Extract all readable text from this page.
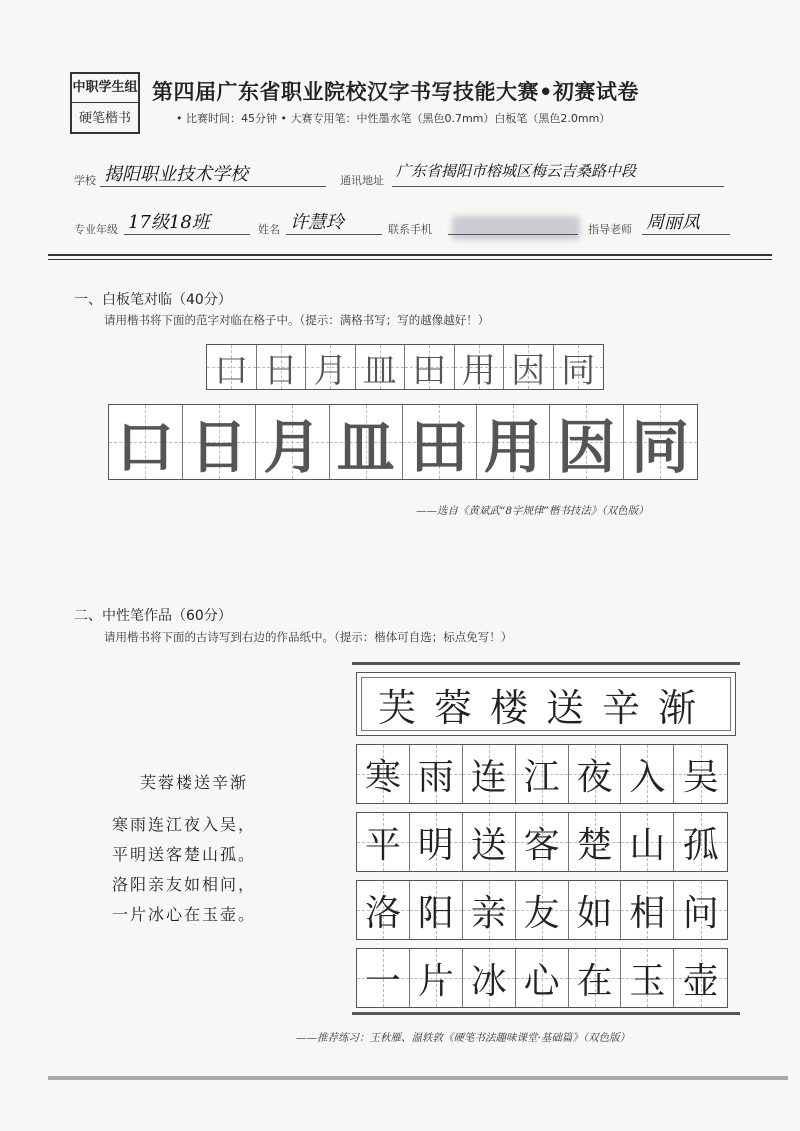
中职学生组
硬笔楷书
第四届广东省职业院校汉字书写技能大赛•初赛试卷
• 比赛时间：45分钟 • 大赛专用笔：中性墨水笔（黑色0.7mm）白板笔（黑色2.0mm）
学校 揭阳职业技术学校	通讯地址
广东省揭阳市榕城区梅云吉桑路中段
专业年级 17级18班	姓名 许慧玲	联系手机	指导老师 周丽凤
一、白板笔对临（40分）
请用楷书将下面的范字对临在格子中。（提示：满格书写；写的越像越好！）
口 日 月 皿 田 用 因 同
口 日 月 皿 田 用 因 同
——选自《黄斌武“8字规律”楷书技法》（双色版）
二、中性笔作品（60分）
请用楷书将下面的古诗写到右边的作品纸中。（提示：楷体可自选；标点免写！）
芙蓉楼送辛渐
寒 雨 连 江 夜 入 吴
平 明 送 客 楚 山 孤
洛 阳 亲 友 如 相 问
一 片 冰 心 在 玉 壶
芙蓉楼送辛渐
寒雨连江夜入吴，
平明送客楚山孤。
洛阳亲友如相问，
一片冰心在玉壶。
——推荐练习：王秋雁、温轶敦《硬笔书法趣味课堂·基础篇》（双色版）
